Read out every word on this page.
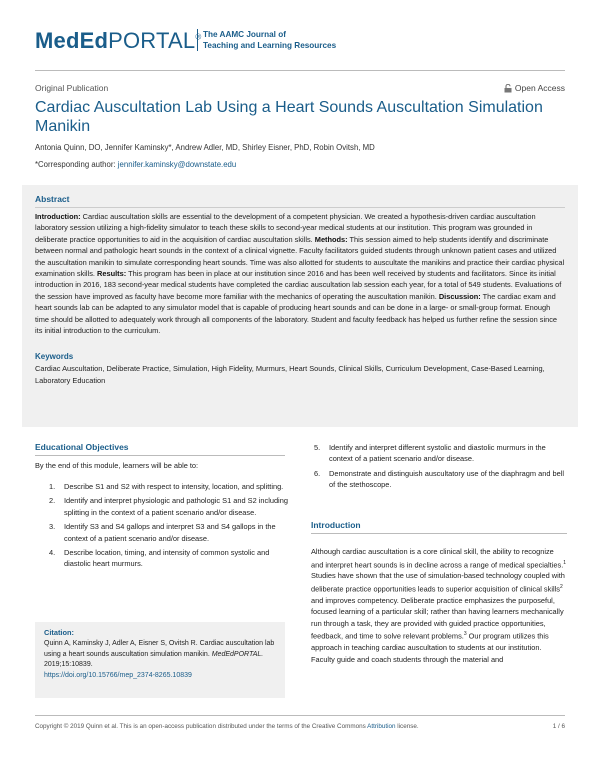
MedEdPORTAL® The AAMC Journal of
Teaching and Learning Resources
Original Publication	Open Access
Cardiac Auscultation Lab Using a Heart Sounds Auscultation Simulation Manikin
Antonia Quinn, DO, Jennifer Kaminsky*, Andrew Adler, MD, Shirley Eisner, PhD, Robin Ovitsh, MD
*Corresponding author: jennifer.kaminsky@downstate.edu
Abstract
Introduction: Cardiac auscultation skills are essential to the development of a competent physician. We created a hypothesis-driven cardiac auscultation laboratory session utilizing a high-fidelity simulator to teach these skills to second-year medical students at our institution. This program was grounded in deliberate practice opportunities to aid in the acquisition of cardiac auscultation skills. Methods: This session aimed to help students identify and discriminate between normal and pathologic heart sounds in the context of a clinical vignette. Faculty facilitators guided students through unknown patient cases and utilized the auscultation manikin to simulate corresponding heart sounds. Time was also allotted for students to auscultate the manikins and practice their cardiac physical examination skills. Results: This program has been in place at our institution since 2016 and has been well received by students and facilitators. Since its initial introduction in 2016, 183 second-year medical students have completed the cardiac auscultation lab session each year, for a total of 549 students. Evaluations of the session have improved as faculty have become more familiar with the mechanics of operating the auscultation manikin. Discussion: The cardiac exam and heart sounds lab can be adapted to any simulator model that is capable of producing heart sounds and can be done in a large- or small-group format. Enough time should be allotted to adequately work through all components of the laboratory. Student and faculty feedback has helped us further refine the session since its initial introduction to the curriculum.
Keywords
Cardiac Auscultation, Deliberate Practice, Simulation, High Fidelity, Murmurs, Heart Sounds, Clinical Skills, Curriculum Development, Case-Based Learning, Laboratory Education
Educational Objectives
By the end of this module, learners will be able to:
1. Describe S1 and S2 with respect to intensity, location, and splitting.
2. Identify and interpret physiologic and pathologic S1 and S2 including splitting in the context of a patient scenario and/or disease.
3. Identify S3 and S4 gallops and interpret S3 and S4 gallops in the context of a patient scenario and/or disease.
4. Describe location, timing, and intensity of common systolic and diastolic heart murmurs.
Citation:
Quinn A, Kaminsky J, Adler A, Eisner S, Ovitsh R. Cardiac auscultation lab using a heart sounds auscultation simulation manikin. MedEdPORTAL. 2019;15:10839.
https://doi.org/10.15766/mep_2374-8265.10839
5. Identify and interpret different systolic and diastolic murmurs in the context of a patient scenario and/or disease.
6. Demonstrate and distinguish auscultatory use of the diaphragm and bell of the stethoscope.
Introduction
Although cardiac auscultation is a core clinical skill, the ability to recognize and interpret heart sounds is in decline across a range of medical specialties.$^1$ Studies have shown that the use of simulation-based technology coupled with deliberate practice opportunities leads to superior acquisition of clinical skills$^2$ and improves competency. Deliberate practice emphasizes the purposeful, focused learning of a particular skill; rather than having learners mechanically run through a task, they are provided with guided practice opportunities, feedback, and time to solve relevant problems.$^3$ Our program utilizes this approach in teaching cardiac auscultation to students at our institution. Faculty guide and coach students through the material and
Copyright © 2019 Quinn et al. This is an open-access publication distributed under the terms of the Creative Commons Attribution license.	1 / 6
